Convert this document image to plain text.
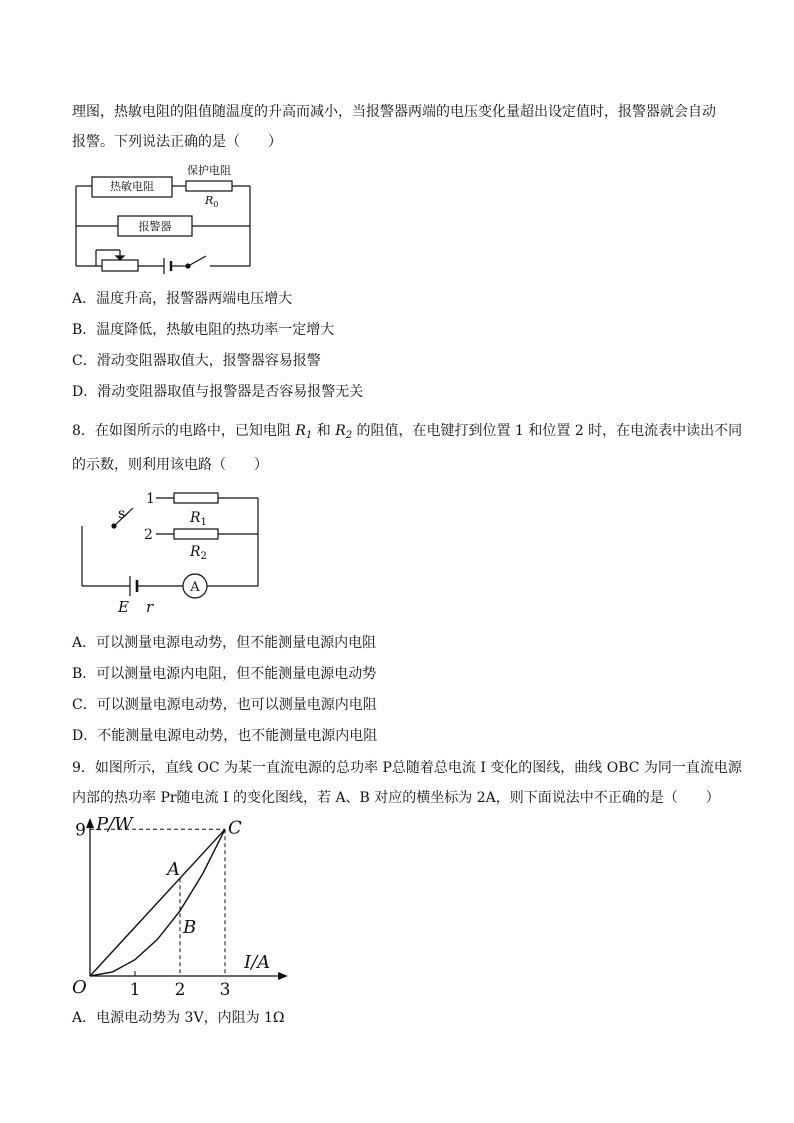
理图，热敏电阻的阻值随温度的升高而减小，当报警器两端的电压变化量超出设定值时，报警器就会自动
报警。下列说法正确的是（　　）
热敏电阻
保护电阻
$R_0$
报警器
A．温度升高，报警器两端电压增大
B．温度降低，热敏电阻的热功率一定增大
C．滑动变阻器取值大，报警器容易报警
D．滑动变阻器取值与报警器是否容易报警无关
8．在如图所示的电路中，已知电阻 $R_1$ 和 $R_2$ 的阻值，在电键打到位置 1 和位置 2 时，在电流表中读出不同
的示数，则利用该电路（　　）
s
1
2
$R_1$
$R_2$
A
E r
A．可以测量电源电动势，但不能测量电源内电阻
B．可以测量电源内电阻，但不能测量电源电动势
C．可以测量电源电动势，也可以测量电源内电阻
D．不能测量电源电动势，也不能测量电源内电阻
9．如图所示，直线 OC 为某一直流电源的总功率 P总随着总电流 I 变化的图线，曲线 OBC 为同一直流电源
内部的热功率 Pr随电流 I 的变化图线，若 A、B 对应的横坐标为 2A，则下面说法中不正确的是（　　）
P/W
I/A
O
9
1 2 3
A
B
C
A．电源电动势为 3V，内阻为 1Ω
